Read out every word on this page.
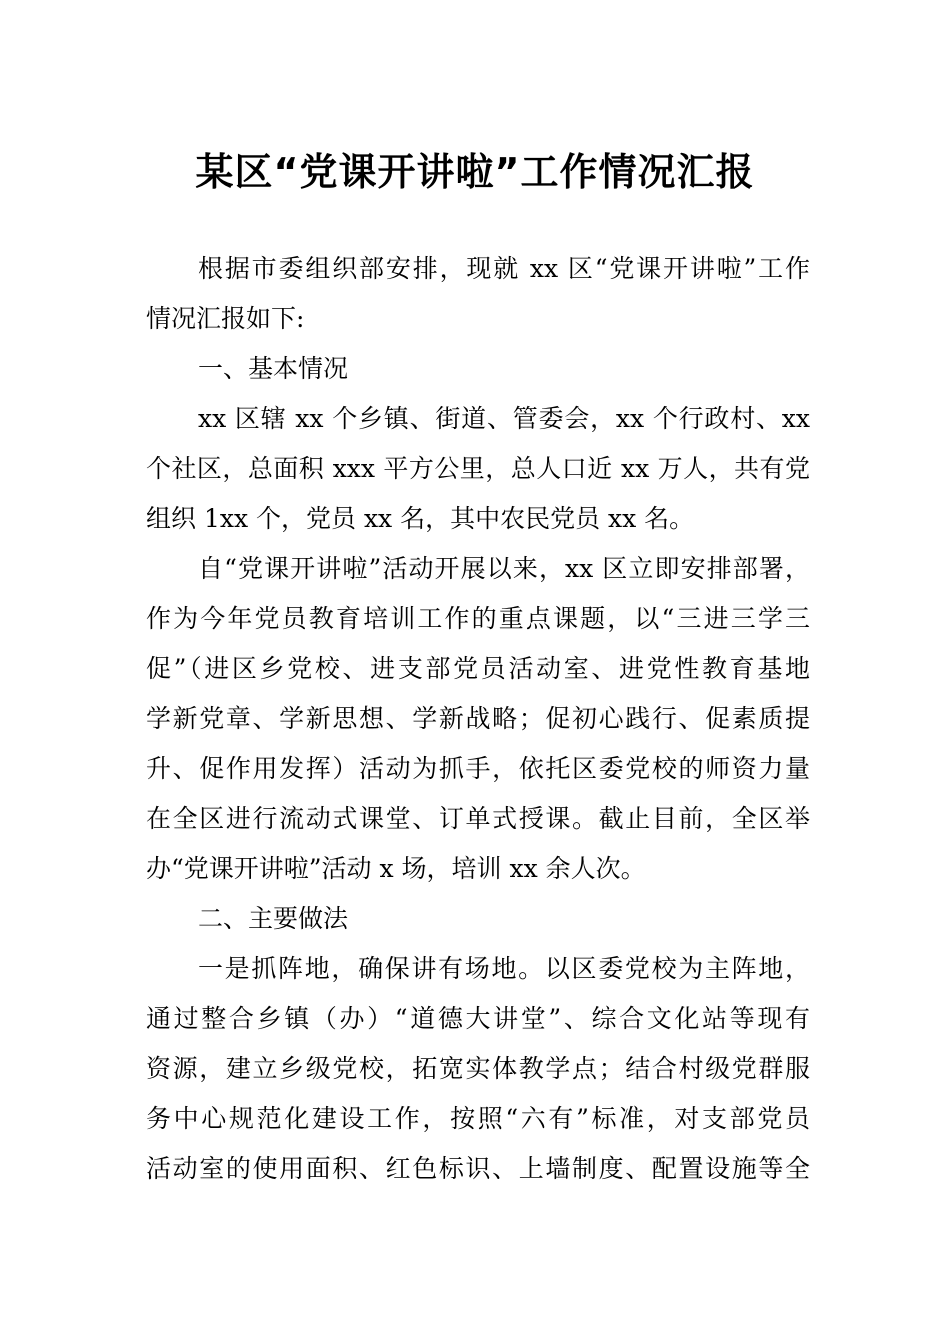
某区“党课开讲啦”工作情况汇报
根据市委组织部安排，现就 xx 区“党课开讲啦”工作
情况汇报如下:
一、基本情况
xx 区辖 xx 个乡镇、街道、管委会，xx 个行政村、xx
个社区，总面积 xxx 平方公里，总人口近 xx 万人，共有党
组织 1xx 个，党员 xx 名，其中农民党员 xx 名。
自“党课开讲啦”活动开展以来，xx 区立即安排部署，
作为今年党员教育培训工作的重点课题，以“三进三学三
促”（进区乡党校、进支部党员活动室、进党性教育基地
学新党章、学新思想、学新战略；促初心践行、促素质提
升、促作用发挥）活动为抓手，依托区委党校的师资力量
在全区进行流动式课堂、订单式授课。截止目前，全区举
办“党课开讲啦”活动 x 场，培训 xx 余人次。
二、主要做法
一是抓阵地，确保讲有场地。以区委党校为主阵地，
通过整合乡镇（办）“道德大讲堂”、综合文化站等现有
资源，建立乡级党校，拓宽实体教学点；结合村级党群服
务中心规范化建设工作，按照“六有”标准，对支部党员
活动室的使用面积、红色标识、上墙制度、配置设施等全
